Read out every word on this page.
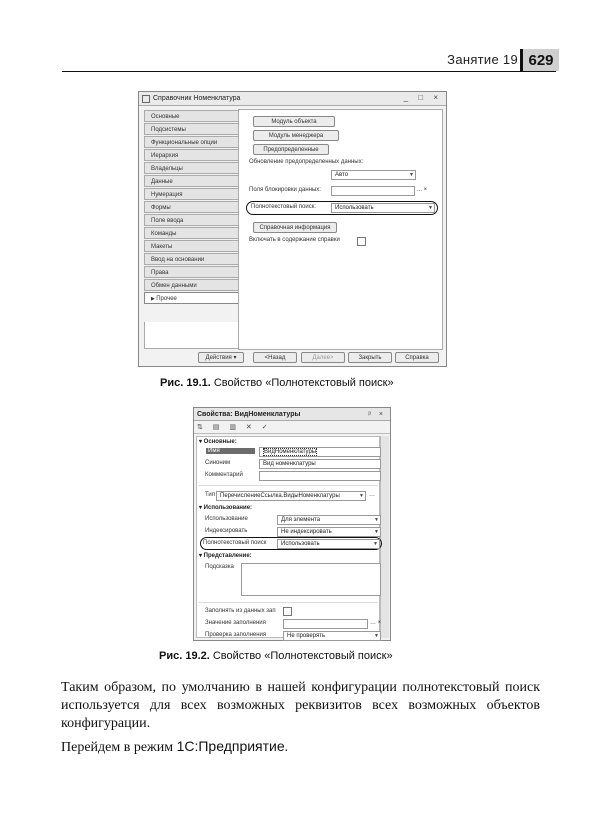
Занятие 19 629
Справочник Номенклатура	_ □ ×
Основные
Подсистемы
Функциональные опции
Иерархия
Владельцы
Данные
Нумерация
Формы
Поле ввода
Команды
Макеты
Ввод на основании
Права
Обмен данными
▶ Прочее
Модуль объекта
Модуль менеджера
Предопределенные
Обновление предопределенных данных:
Авто	▼
Поля блокировки данных:	... ×
Полнотекстовый поиск:	Использовать	▼
Справочная информация
Включать в содержание справки
Действия ▾	<Назад	Далее>	Закрыть	Справка
Рис. 19.1. Свойство «Полнотекстовый поиск»
Свойства: ВидНоменклатуры	ᵖ ×
⇅ ▤ ▥ ✕ ✓
▾ Основные:
Имя	ВидНоменклатуры
Синоним	Вид номенклатуры
Комментарий
Тип ПеречислениеСсылка.ВидыНоменклатуры	▼ …
▾ Использование:
Использование	Для элемента	▼
Индексировать	Не индексировать	▼
Полнотекстовый поиск	Использовать	▼
▾ Представление:
Подсказка
Заполнять из данных зап
Значение заполнения	… ×
Проверка заполнения	Не проверять	▼
Рис. 19.2. Свойство «Полнотекстовый поиск»
Таким образом, по умолчанию в нашей конфигурации полнотекстовый поиск используется для всех возможных реквизитов всех возможных объектов конфигурации.
Перейдем в режим 1С:Предприятие.
